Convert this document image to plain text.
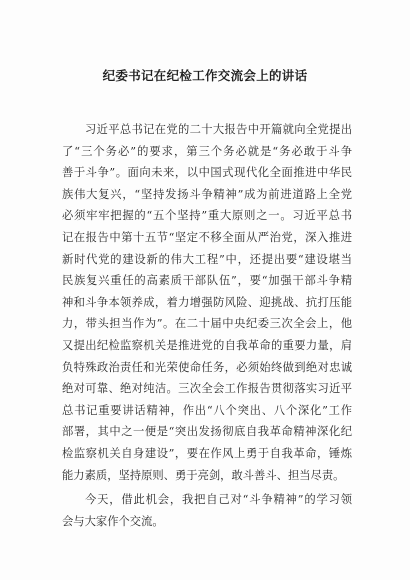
纪委书记在纪检工作交流会上的讲话
习近平总书记在党的二十大报告中开篇就向全党提出
了“三个务必”的要求，第三个务必就是“务必敢于斗争
善于斗争”。面向未来，以中国式现代化全面推进中华民
族伟大复兴，“坚持发扬斗争精神”成为前进道路上全党
必须牢牢把握的“五个坚持”重大原则之一。习近平总书
记在报告中第十五节“坚定不移全面从严治党，深入推进
新时代党的建设新的伟大工程”中，还提出要“建设堪当
民族复兴重任的高素质干部队伍”，要“加强干部斗争精
神和斗争本领养成，着力增强防风险、迎挑战、抗打压能
力，带头担当作为”。在二十届中央纪委三次全会上，他
又提出纪检监察机关是推进党的自我革命的重要力量，肩
负特殊政治责任和光荣使命任务，必须始终做到绝对忠诚
绝对可靠、绝对纯洁。三次全会工作报告贯彻落实习近平
总书记重要讲话精神，作出“八个突出、八个深化”工作
部署，其中之一便是“突出发扬彻底自我革命精神深化纪
检监察机关自身建设”，要在作风上勇于自我革命，锤炼
能力素质，坚持原则、勇于亮剑，敢斗善斗、担当尽责。
今天，借此机会，我把自己对“斗争精神”的学习领
会与大家作个交流。
